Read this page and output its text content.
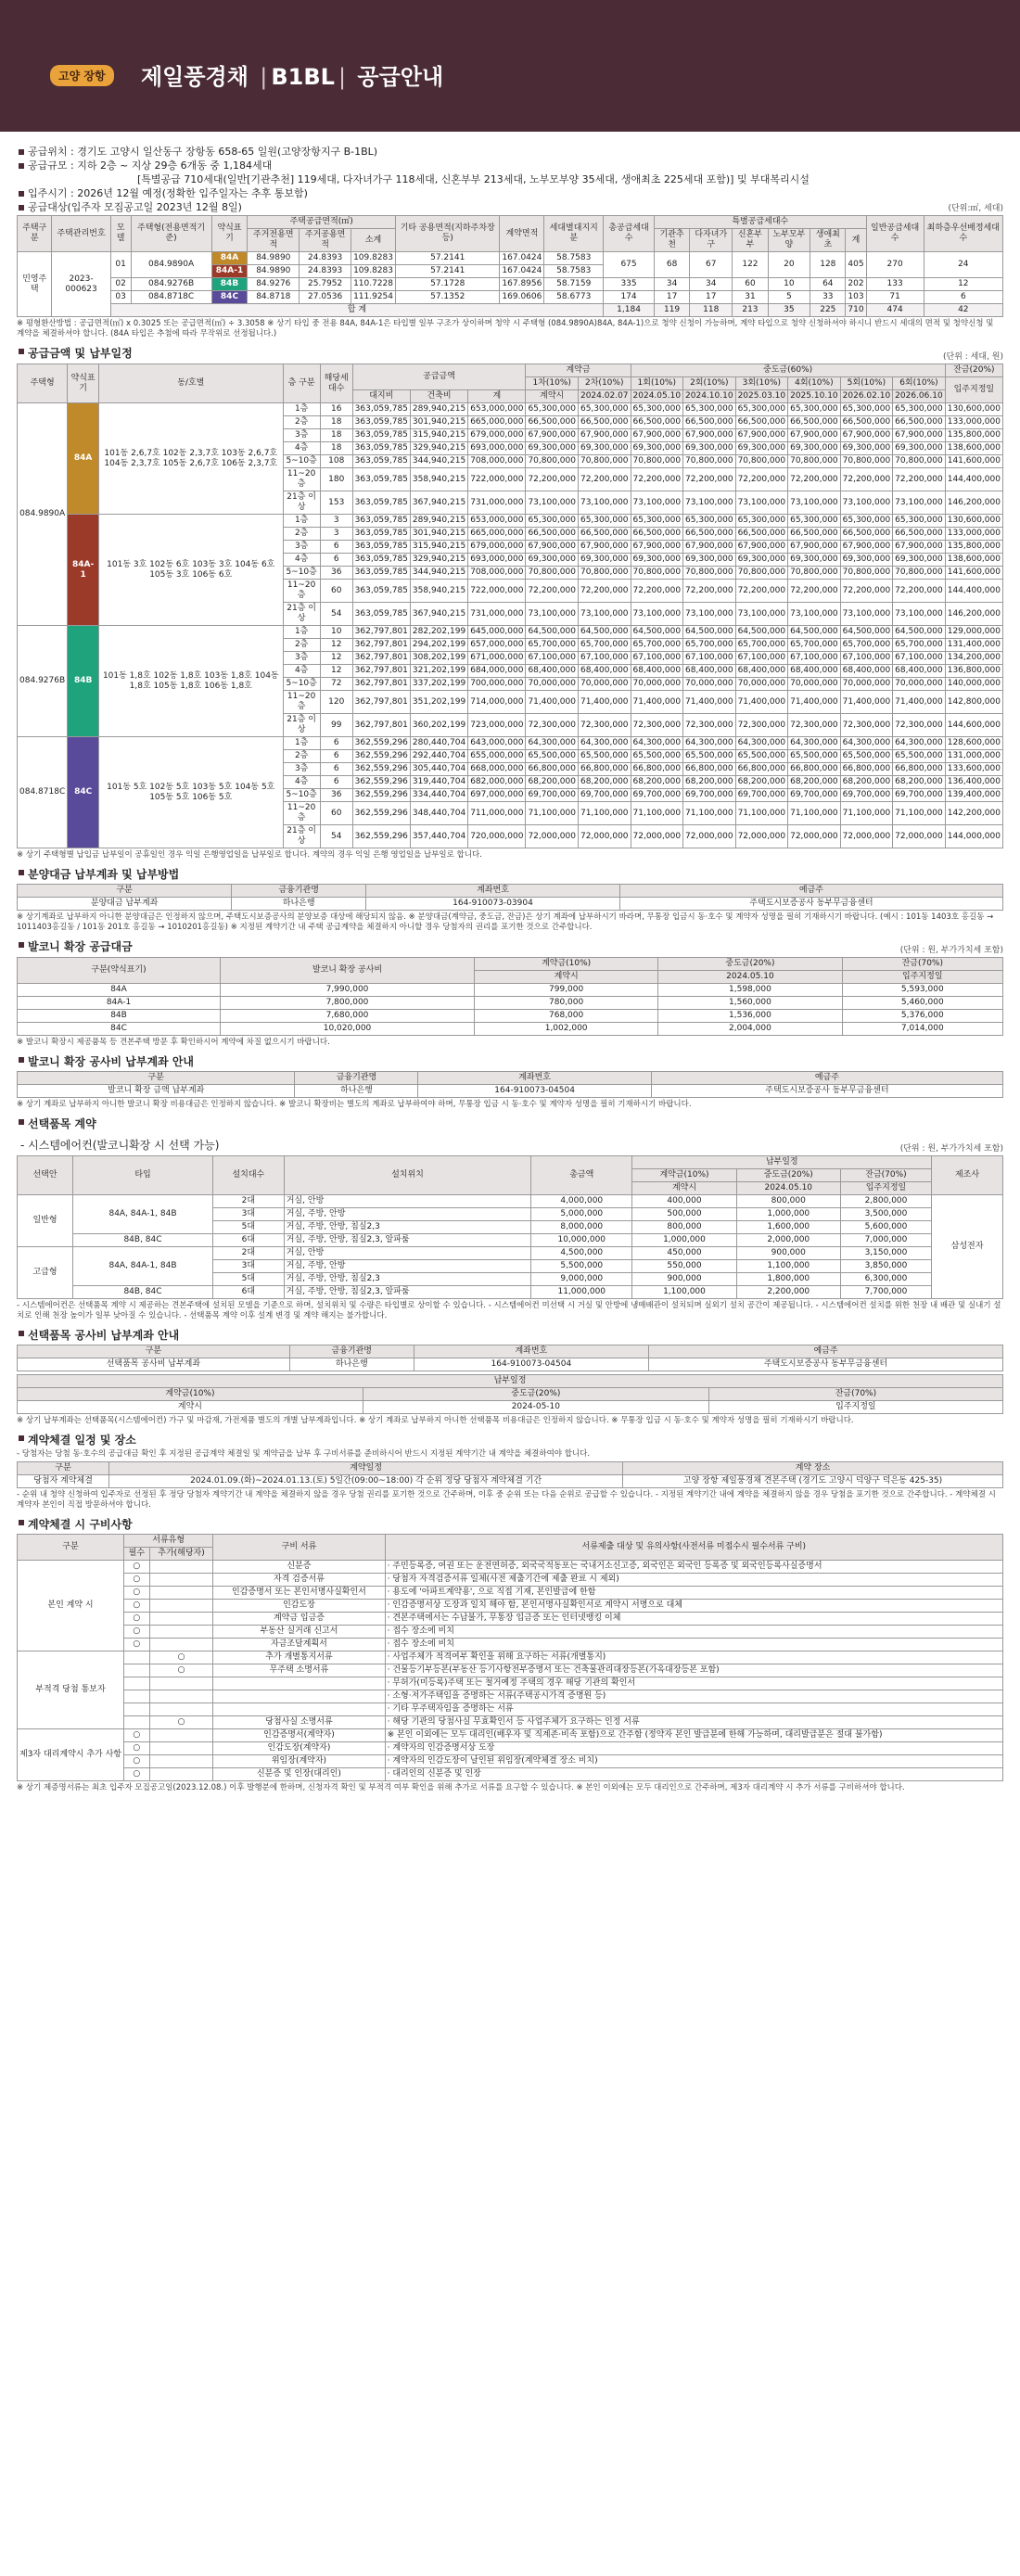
고양 장항	제일풍경채 | B1BL | 공급안내
공급위치 : 경기도 고양시 일산동구 장항동 658-65 일원(고양장항지구 B-1BL)
공급규모 : 지하 2층 ~ 지상 29층 6개동 중 1,184세대
[특별공급 710세대(일반[기관추천] 119세대, 다자녀가구 118세대, 신혼부부 213세대, 노부모부양 35세대, 생애최초 225세대 포함)] 및 부대복리시설
입주시기 : 2026년 12월 예정(정확한 입주일자는 추후 통보함)
공급대상(입주자 모집공고일 2023년 12월 8일)	(단위:㎡, 세대)
주택구분	주택관리번호	모델	주택형(전용면적기준)	약식표기	주택공급면적(㎡)			기타 공용면적(지하주차장등)	계약면적	세대별대지지분	총공급세대수	특별공급세대수						일반공급세대수	최하층우선배정세대수
					주거전용면적	주거공용면적	소계					기관추천	다자녀가구	신혼부부	노부모부양	생애최초	계		
민영주택	2023-000623	01	084.9890A	84A	84.9890	24.8393	109.8283	57.2141	167.0424	58.7583	675	68	67	122	20	128	405	270	24
				84A-1	84.9890	24.8393	109.8283	57.2141	167.0424	58.7583									
		02	084.9276B	84B	84.9276	25.7952	110.7228	57.1728	167.8956	58.7159	335	34	34	60	10	64	202	133	12
		03	084.8718C	84C	84.8718	27.0536	111.9254	57.1352	169.0606	58.6773	174	17	17	31	5	33	103	71	6
		합 계									1,184	119	118	213	35	225	710	474	42
※ 평형환산방법 : 공급면적(㎡) x 0.3025 또는 공급면적(㎡) ÷ 3.3058 ※ 상기 타입 중 전용 84A, 84A-1은 타입별 일부 구조가 상이하며 청약 시 주택형 (084.9890A)84A, 84A-1)으로 청약 신청이 가능하며, 계약 타입으로 청약 신청하셔야 하시니 반드시 세대의 면적 및 청약신청 및 계약을 체결하셔야 합니다. (84A 타입은 추첨에 따라 무작위로 선정됩니다.)
공급금액 및 납부일정	(단위 : 세대, 원)
주택형	약식표기	동/호별	층 구분	해당세대수	공급금액			계약금		중도금(60%)						잔금(20%)
								1차(10%)	2차(10%)	1회(10%)	2회(10%)	3회(10%)	4회(10%)	5회(10%)	6회(10%)	입주지정일
					대지비	건축비	계	계약시	2024.02.07	2024.05.10	2024.10.10	2025.03.10	2025.10.10	2026.02.10	2026.06.10	
084.9890A	84A	101동 2,6,7호 102동 2,3,7호 103동 2,6,7호 104동 2,3,7호 105동 2,6,7호 106동 2,3,7호	1층	16	363,059,785	289,940,215	653,000,000	65,300,000	65,300,000	65,300,000	65,300,000	65,300,000	65,300,000	65,300,000	65,300,000	130,600,000
			2층	18	363,059,785	301,940,215	665,000,000	66,500,000	66,500,000	66,500,000	66,500,000	66,500,000	66,500,000	66,500,000	66,500,000	133,000,000
			3층	18	363,059,785	315,940,215	679,000,000	67,900,000	67,900,000	67,900,000	67,900,000	67,900,000	67,900,000	67,900,000	67,900,000	135,800,000
			4층	18	363,059,785	329,940,215	693,000,000	69,300,000	69,300,000	69,300,000	69,300,000	69,300,000	69,300,000	69,300,000	69,300,000	138,600,000
			5~10층	108	363,059,785	344,940,215	708,000,000	70,800,000	70,800,000	70,800,000	70,800,000	70,800,000	70,800,000	70,800,000	70,800,000	141,600,000
			11~20층	180	363,059,785	358,940,215	722,000,000	72,200,000	72,200,000	72,200,000	72,200,000	72,200,000	72,200,000	72,200,000	72,200,000	144,400,000
			21층 이상	153	363,059,785	367,940,215	731,000,000	73,100,000	73,100,000	73,100,000	73,100,000	73,100,000	73,100,000	73,100,000	73,100,000	146,200,000
	84A-1	101동 3호 102동 6호 103동 3호 104동 6호 105동 3호 106동 6호	1층	3	363,059,785	289,940,215	653,000,000	65,300,000	65,300,000	65,300,000	65,300,000	65,300,000	65,300,000	65,300,000	65,300,000	130,600,000
			2층	3	363,059,785	301,940,215	665,000,000	66,500,000	66,500,000	66,500,000	66,500,000	66,500,000	66,500,000	66,500,000	66,500,000	133,000,000
			3층	6	363,059,785	315,940,215	679,000,000	67,900,000	67,900,000	67,900,000	67,900,000	67,900,000	67,900,000	67,900,000	67,900,000	135,800,000
			4층	6	363,059,785	329,940,215	693,000,000	69,300,000	69,300,000	69,300,000	69,300,000	69,300,000	69,300,000	69,300,000	69,300,000	138,600,000
			5~10층	36	363,059,785	344,940,215	708,000,000	70,800,000	70,800,000	70,800,000	70,800,000	70,800,000	70,800,000	70,800,000	70,800,000	141,600,000
			11~20층	60	363,059,785	358,940,215	722,000,000	72,200,000	72,200,000	72,200,000	72,200,000	72,200,000	72,200,000	72,200,000	72,200,000	144,400,000
			21층 이상	54	363,059,785	367,940,215	731,000,000	73,100,000	73,100,000	73,100,000	73,100,000	73,100,000	73,100,000	73,100,000	73,100,000	146,200,000
084.9276B	84B	101동 1,8호 102동 1,8호 103동 1,8호 104동 1,8호 105동 1,8호 106동 1,8호	1층	10	362,797,801	282,202,199	645,000,000	64,500,000	64,500,000	64,500,000	64,500,000	64,500,000	64,500,000	64,500,000	64,500,000	129,000,000
			2층	12	362,797,801	294,202,199	657,000,000	65,700,000	65,700,000	65,700,000	65,700,000	65,700,000	65,700,000	65,700,000	65,700,000	131,400,000
			3층	12	362,797,801	308,202,199	671,000,000	67,100,000	67,100,000	67,100,000	67,100,000	67,100,000	67,100,000	67,100,000	67,100,000	134,200,000
			4층	12	362,797,801	321,202,199	684,000,000	68,400,000	68,400,000	68,400,000	68,400,000	68,400,000	68,400,000	68,400,000	68,400,000	136,800,000
			5~10층	72	362,797,801	337,202,199	700,000,000	70,000,000	70,000,000	70,000,000	70,000,000	70,000,000	70,000,000	70,000,000	70,000,000	140,000,000
			11~20층	120	362,797,801	351,202,199	714,000,000	71,400,000	71,400,000	71,400,000	71,400,000	71,400,000	71,400,000	71,400,000	71,400,000	142,800,000
			21층 이상	99	362,797,801	360,202,199	723,000,000	72,300,000	72,300,000	72,300,000	72,300,000	72,300,000	72,300,000	72,300,000	72,300,000	144,600,000
084.8718C	84C	101동 5호 102동 5호 103동 5호 104동 5호 105동 5호 106동 5호	1층	6	362,559,296	280,440,704	643,000,000	64,300,000	64,300,000	64,300,000	64,300,000	64,300,000	64,300,000	64,300,000	64,300,000	128,600,000
			2층	6	362,559,296	292,440,704	655,000,000	65,500,000	65,500,000	65,500,000	65,500,000	65,500,000	65,500,000	65,500,000	65,500,000	131,000,000
			3층	6	362,559,296	305,440,704	668,000,000	66,800,000	66,800,000	66,800,000	66,800,000	66,800,000	66,800,000	66,800,000	66,800,000	133,600,000
			4층	6	362,559,296	319,440,704	682,000,000	68,200,000	68,200,000	68,200,000	68,200,000	68,200,000	68,200,000	68,200,000	68,200,000	136,400,000
			5~10층	36	362,559,296	334,440,704	697,000,000	69,700,000	69,700,000	69,700,000	69,700,000	69,700,000	69,700,000	69,700,000	69,700,000	139,400,000
			11~20층	60	362,559,296	348,440,704	711,000,000	71,100,000	71,100,000	71,100,000	71,100,000	71,100,000	71,100,000	71,100,000	71,100,000	142,200,000
			21층 이상	54	362,559,296	357,440,704	720,000,000	72,000,000	72,000,000	72,000,000	72,000,000	72,000,000	72,000,000	72,000,000	72,000,000	144,000,000
※ 상기 주택형별 납입금 납부일이 공휴일인 경우 익일 은행영업일을 납부일로 합니다. 계약의 경우 익일 은행 영업일을 납부일로 합니다.
분양대금 납부계좌 및 납부방법
구분	금융기관명	계좌번호	예금주
분양대금 납부계좌	하나은행	164-910073-03904	주택도시보증공사 동부무금융센터
※ 상기계좌로 납부하지 아니한 분양대금은 인정하지 않으며, 주택도시보증공사의 분양보증 대상에 해당되지 않음. ※ 분양대금(계약금, 중도금, 잔금)은 상기 계좌에 납부하시기 바라며, 무통장 입금시 동·호수 및 계약자 성명을 필히 기재하시기 바랍니다. (예시 : 101동 1403호 홍길동 → 1011403홍길동 / 101동 201호 홍길동 → 1010201홍길동) ※ 지정된 계약기간 내 주택 공급계약을 체결하지 아니할 경우 당첨자의 권리를 포기한 것으로 간주합니다.
발코니 확장 공급대금	(단위 : 원, 부가가치세 포함)
구분(약식표기)	발코니 확장 공사비	계약금(10%)	중도금(20%)	잔금(70%)
		계약시	2024.05.10	입주지정일
84A	7,990,000	799,000	1,598,000	5,593,000
84A-1	7,800,000	780,000	1,560,000	5,460,000
84B	7,680,000	768,000	1,536,000	5,376,000
84C	10,020,000	1,002,000	2,004,000	7,014,000
※ 발코니 확장시 제공품목 등 견본주택 방문 후 확인하시어 계약에 차질 없으시기 바랍니다.
발코니 확장 공사비 납부계좌 안내
구분	금융기관명	계좌번호	예금주
발코니 확장 금액 납부계좌	하나은행	164-910073-04504	주택도시보증공사 동부무금융센터
※ 상기 계좌로 납부하지 아니한 발코니 확장 비용대금은 인정하지 않습니다. ※ 발코니 확장비는 별도의 계좌로 납부하여야 하며, 무통장 입금 시 동·호수 및 계약자 성명을 필히 기재하시기 바랍니다.
선택품목 계약
- 시스템에어컨(발코니확장 시 선택 가능)	(단위 : 원, 부가가치세 포함)
선택안	타입	설치대수	설치위치	총금액	납부일정			제조사
					계약금(10%)	중도금(20%)	잔금(70%)	
					계약시	2024.05.10	입주지정일	
일반형	84A, 84A-1, 84B	2대	거실, 안방	4,000,000	400,000	800,000	2,800,000	삼성전자
		3대	거실, 주방, 안방	5,000,000	500,000	1,000,000	3,500,000	
		5대	거실, 주방, 안방, 침실2,3	8,000,000	800,000	1,600,000	5,600,000	
	84B, 84C	6대	거실, 주방, 안방, 침실2,3, 알파룸	10,000,000	1,000,000	2,000,000	7,000,000	
고급형	84A, 84A-1, 84B	2대	거실, 안방	4,500,000	450,000	900,000	3,150,000	
		3대	거실, 주방, 안방	5,500,000	550,000	1,100,000	3,850,000	
		5대	거실, 주방, 안방, 침실2,3	9,000,000	900,000	1,800,000	6,300,000	
	84B, 84C	6대	거실, 주방, 안방, 침실2,3, 알파룸	11,000,000	1,100,000	2,200,000	7,700,000	
- 시스템에어컨은 선택품목 계약 시 제공하는 견본주택에 설치된 모델을 기준으로 하며, 설치위치 및 수량은 타입별로 상이할 수 있습니다. - 시스템에어컨 미선택 시 거실 및 안방에 냉매배관이 설치되며 실외기 설치 공간이 제공됩니다. - 시스템에어컨 설치를 위한 천장 내 배관 및 실내기 설치로 인해 천장 높이가 일부 낮아질 수 있습니다. - 선택품목 계약 이후 설계 변경 및 계약 해지는 불가합니다.
선택품목 공사비 납부계좌 안내
구분	금융기관명	계좌번호	예금주
선택품목 공사비 납부계좌	하나은행	164-910073-04504	주택도시보증공사 동부무금융센터
납부일정		
계약금(10%)	중도금(20%)	잔금(70%)
계약시	2024-05-10	입주지정일
※ 상기 납부계좌는 선택품목(시스템에어컨) 가구 및 마감재, 가전제품 별도의 개별 납부계좌입니다. ※ 상기 계좌로 납부하지 아니한 선택품목 비용대금은 인정하지 않습니다. ※ 무통장 입금 시 동·호수 및 계약자 성명을 필히 기재하시기 바랍니다.
계약체결 일정 및 장소
- 당첨자는 당첨 동·호수의 공급대금 확인 후 지정된 공급계약 체결일 및 계약금을 납부 후 구비서류를 준비하시어 반드시 지정된 계약기간 내 계약을 체결하여야 합니다.
구분	계약일정	계약 장소
당첨자 계약체결	2024.01.09.(화)~2024.01.13.(토) 5일간(09:00~18:00) 각 순위 정당 당첨자 계약체결 기간	고양 장항 제일풍경채 견본주택 (경기도 고양시 덕양구 덕은동 425-35)
- 순위 내 청약 신청하여 입주자로 선정된 후 정당 당첨자 계약기간 내 계약을 체결하지 않을 경우 당첨 권리를 포기한 것으로 간주하며, 이후 중 순위 또는 다음 순위로 공급할 수 있습니다. - 지정된 계약기간 내에 계약을 체결하지 않을 경우 당첨을 포기한 것으로 간주합니다. - 계약체결 시 계약자 본인이 직접 방문하셔야 합니다.
계약체결 시 구비사항
구분	서류유형		구비 서류	서류제출 대상 및 유의사항(사전서류 미접수시 필수서류 구비)
	필수	추가(해당자)		
본인 계약 시	○		신분증	· 주민등록증, 여권 또는 운전면허증, 외국국적동포는 국내거소신고증, 외국인은 외국인 등록증 및 외국인등록사실증명서
	○		자격 검증서류	· 당첨자 자격검증서류 일체(사전 제출기간에 제출 완료 시 제외)
	○		인감증명서 또는 본인서명사실확인서	· 용도에 '아파트계약용', 으로 직접 기재, 본인발급에 한함
	○		인감도장	· 인감증명서상 도장과 일치 해야 함, 본인서명사실확인서로 계약시 서명으로 대체
	○		계약금 입금증	· 견본주택에서는 수납불가, 무통장 입금증 또는 인터넷뱅킹 이체
	○		부동산 실거래 신고서	· 접수 장소에 비치
	○		자금조달계획서	· 접수 장소에 비치
부적격 당첨 통보자		○	추가 개별통지서류	· 사업주체가 적격여부 확인을 위해 요구하는 서류(개별통지)
		○	무주택 소명서류	· 건물등기부등본(부동산 등기사항전부증명서 또는 건축물관리대장등본(가옥대장등본 포함)
				· 무허가(미등록)주택 또는 철거예정 주택의 경우 해당 기관의 확인서
				· 소형·저가주택임을 증명하는 서류(주택공시가격 증명원 등)
				· 기타 무주택자임을 증명하는 서류
		○	당첨사실 소명서류	· 해당 기관의 당첨사실 무효확인서 등 사업주체가 요구하는 인정 서류
제3자 대리계약시 추가 사항	○		인감증명서(계약자)	※ 본인 이외에는 모두 대리인(배우자 및 직계존·비속 포함)으로 간주함 (정약자 본인 발급분에 한해 가능하며, 대리발급분은 절대 불가함)
	○		인감도장(계약자)	· 계약자의 인감증명서상 도장
	○		위임장(계약자)	· 계약자의 인감도장이 날인된 위임장(계약체결 장소 비치)
	○		신분증 및 인장(대리인)	· 대리인의 신분증 및 인장
※ 상기 제증명서류는 최초 입주자 모집공고일(2023.12.08.) 이후 발행분에 한하며, 신청자격 확인 및 부적격 여부 확인을 위해 추가로 서류를 요구할 수 있습니다. ※ 본인 이외에는 모두 대리인으로 간주하며, 제3자 대리계약 시 추가 서류를 구비하셔야 합니다.
